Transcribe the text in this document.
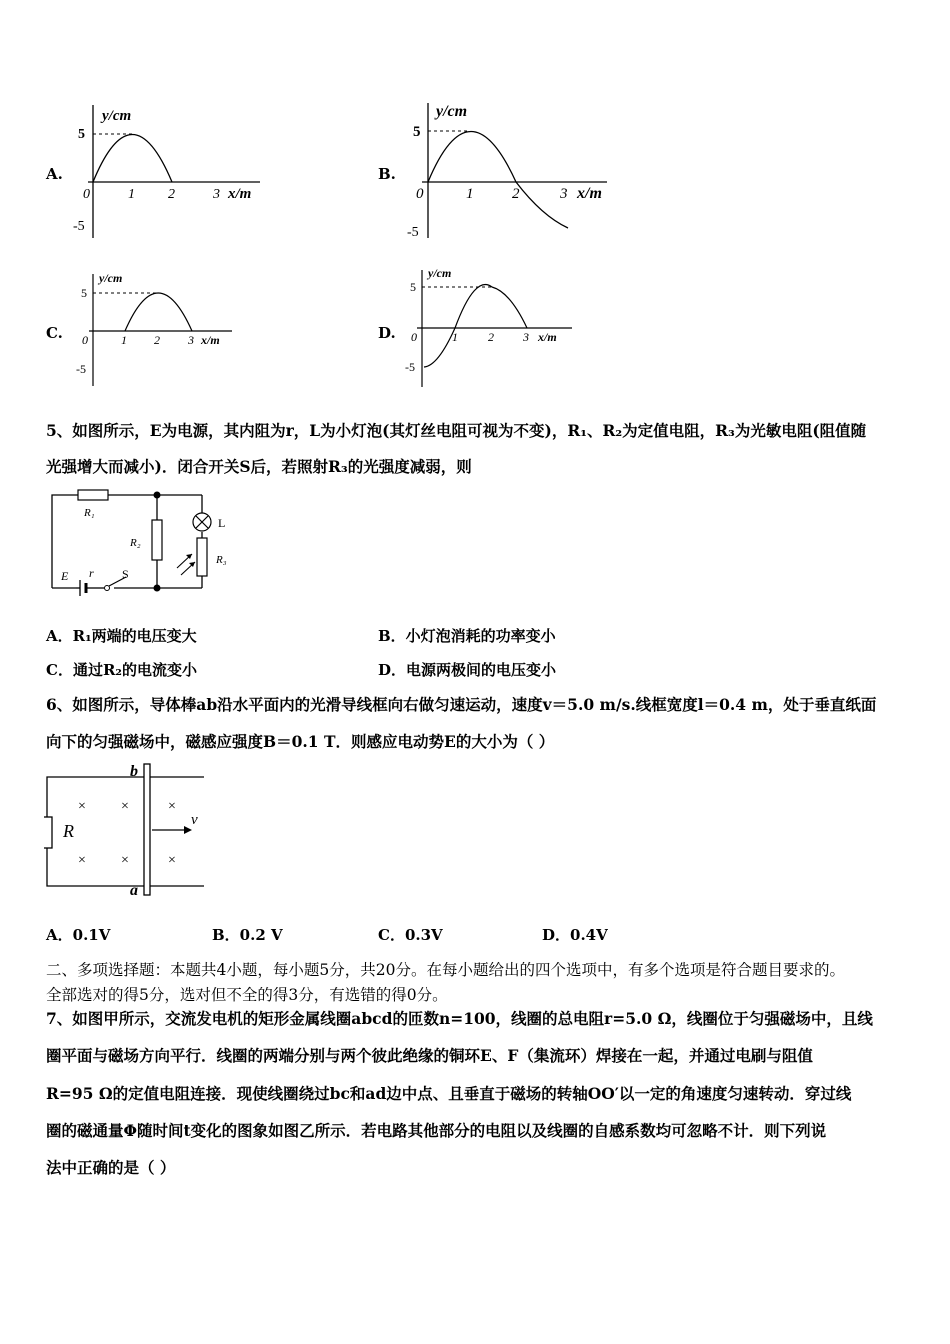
A.
y/cm
5
-5
0	1 2	3 x/m
B.
y/cm
5
-5
0	1	2	3 x/m
C.
y/cm
5
-5
0	1 2 3 x/m	D.
y/cm
5
-5
0	1	2 3 x/m
5、如图所示，E为电源，其内阻为r，L为小灯泡(其灯丝电阻可视为不变)，R₁、R₂为定值电阻，R₃为光敏电阻(阻值随
光强增大而减小)．闭合开关S后，若照射R₃的光强度减弱，则
R₁
R₂
L
R₃
E r S
A．R₁两端的电压变大	B．小灯泡消耗的功率变小
C．通过R₂的电流变小	D．电源两极间的电压变小
6、如图所示，导体棒ab沿水平面内的光滑导线框向右做匀速运动，速度v＝5.0 m/s.线框宽度l＝0.4 m，处于垂直纸面
向下的匀强磁场中，磁感应强度B＝0.1 T．则感应电动势E的大小为（ ）
R
b
a
v
×	×	×
×	×	×
A．0.1V	B．0.2 V	C．0.3V	D．0.4V
二、多项选择题：本题共4小题，每小题5分，共20分。在每小题给出的四个选项中，有多个选项是符合题目要求的。
全部选对的得5分，选对但不全的得3分，有选错的得0分。
7、如图甲所示，交流发电机的矩形金属线圈abcd的匝数n=100，线圈的总电阻r=5.0 Ω，线圈位于匀强磁场中，且线
圈平面与磁场方向平行．线圈的两端分别与两个彼此绝缘的铜环E、F（集流环）焊接在一起，并通过电刷与阻值
R=95 Ω的定值电阻连接．现使线圈绕过bc和ad边中点、且垂直于磁场的转轴OO′以一定的角速度匀速转动．穿过线
圈的磁通量Φ随时间t变化的图象如图乙所示．若电路其他部分的电阻以及线圈的自感系数均可忽略不计．则下列说
法中正确的是（ ）
